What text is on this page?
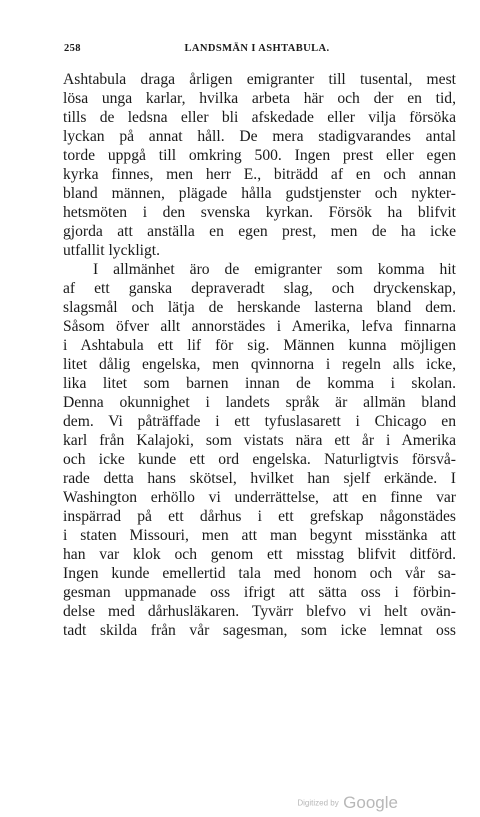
258	LANDSMÄN I ASHTABULA.
Ashtabula draga årligen emigranter till tusental, mest
lösa unga karlar, hvilka arbeta här och der en tid,
tills de ledsna eller bli afskedade eller vilja försöka
lyckan på annat håll. De mera stadigvarandes antal
torde uppgå till omkring 500. Ingen prest eller egen
kyrka finnes, men herr E., biträdd af en och annan
bland männen, plägade hålla gudstjenster och nykter-
hetsmöten i den svenska kyrkan. Försök ha blifvit
gjorda att anställa en egen prest, men de ha icke
utfallit lyckligt.
I allmänhet äro de emigranter som komma hit
af ett ganska depraveradt slag, och dryckenskap,
slagsmål och lätja de herskande lasterna bland dem.
Såsom öfver allt annorstädes i Amerika, lefva finnarna
i Ashtabula ett lif för sig. Männen kunna möjligen
litet dålig engelska, men qvinnorna i regeln alls icke,
lika litet som barnen innan de komma i skolan.
Denna okunnighet i landets språk är allmän bland
dem. Vi påträffade i ett tyfuslasarett i Chicago en
karl från Kalajoki, som vistats nära ett år i Amerika
och icke kunde ett ord engelska. Naturligtvis försvå-
rade detta hans skötsel, hvilket han sjelf erkände. I
Washington erhöllo vi underrättelse, att en finne var
inspärrad på ett dårhus i ett grefskap någonstädes
i staten Missouri, men att man begynt misstänka att
han var klok och genom ett misstag blifvit ditförd.
Ingen kunde emellertid tala med honom och vår sa-
gesman uppmanade oss ifrigt att sätta oss i förbin-
delse med dårhusläkaren. Tyvärr blefvo vi helt ovän-
tadt skilda från vår sagesman, som icke lemnat oss
Digitized by Google
